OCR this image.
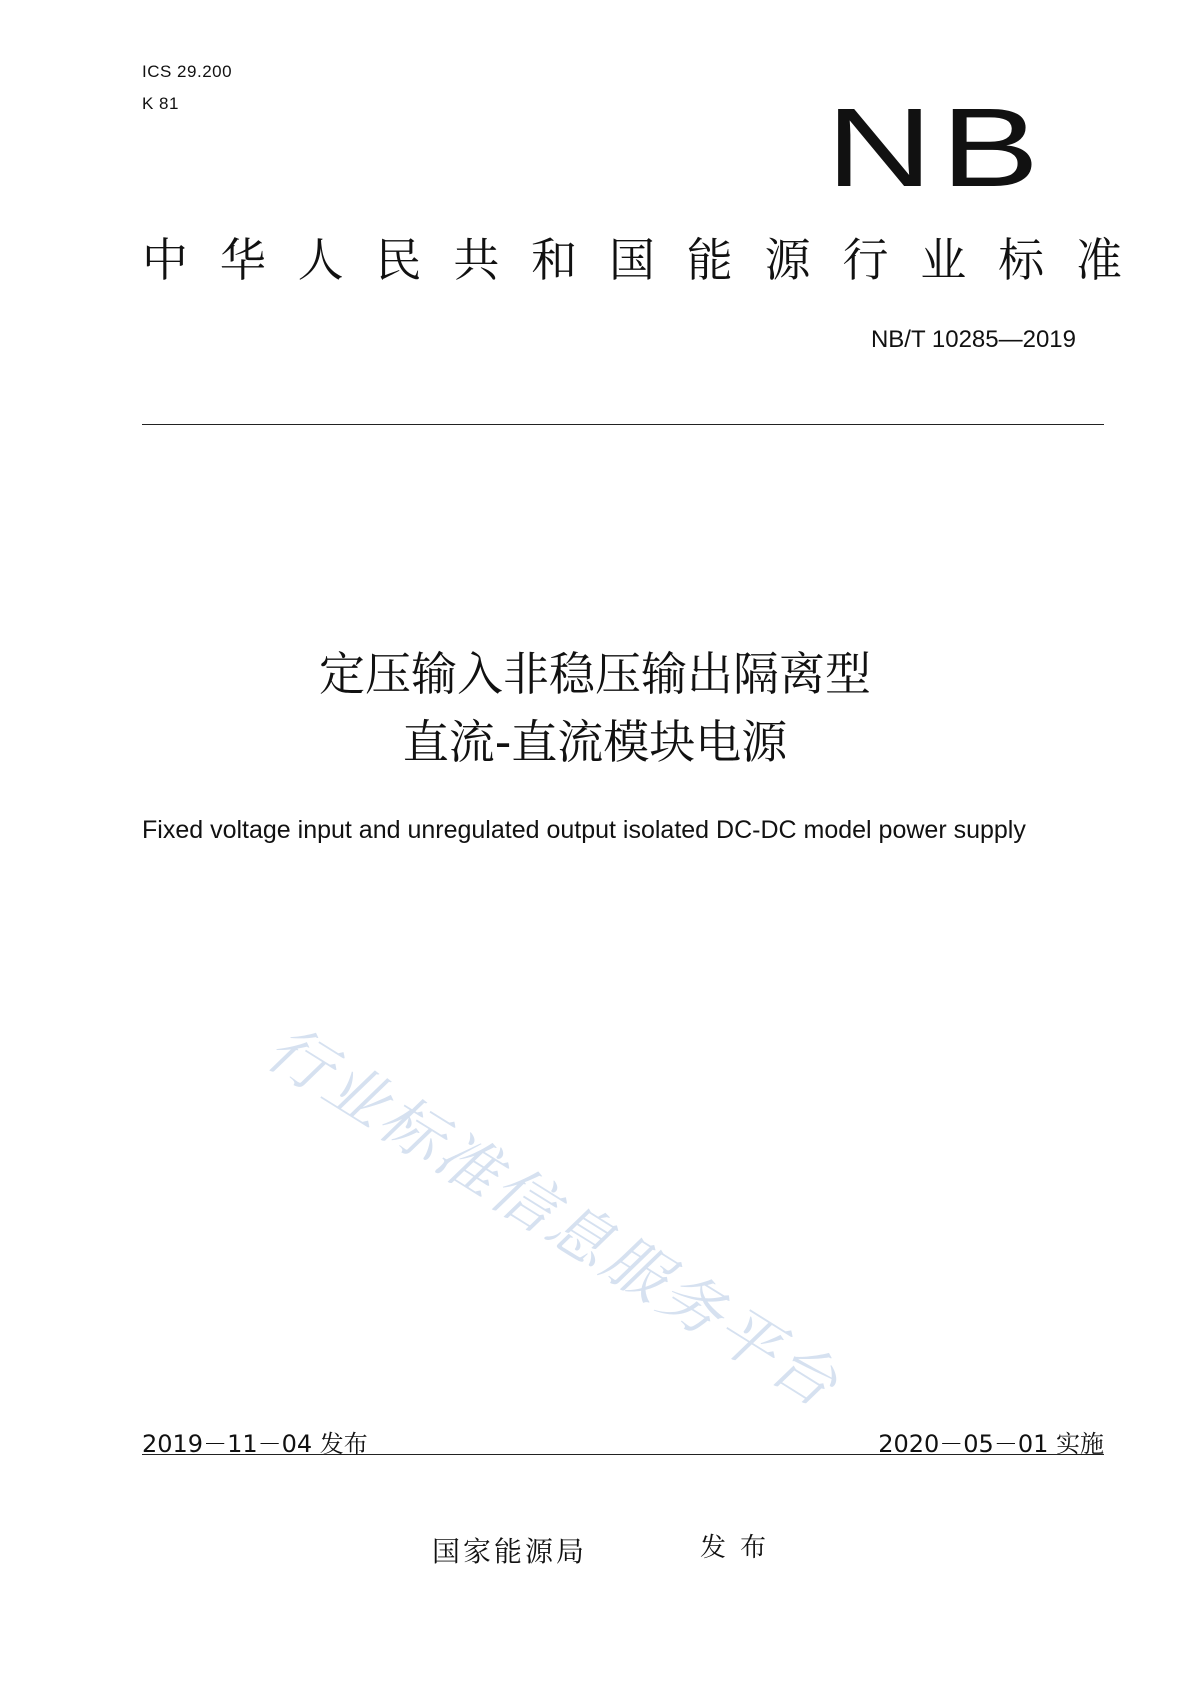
ICS 29.200
K 81	NB
中 华 人 民 共 和 国 能 源 行 业 标 准
NB/T 10285—2019
定压输入非稳压输出隔离型
直流-直流模块电源
Fixed voltage input and unregulated output isolated DC-DC model power supply
行业标准信息服务平台
2019－11－04 发布	2020－05－01 实施
国家能源局	发布
